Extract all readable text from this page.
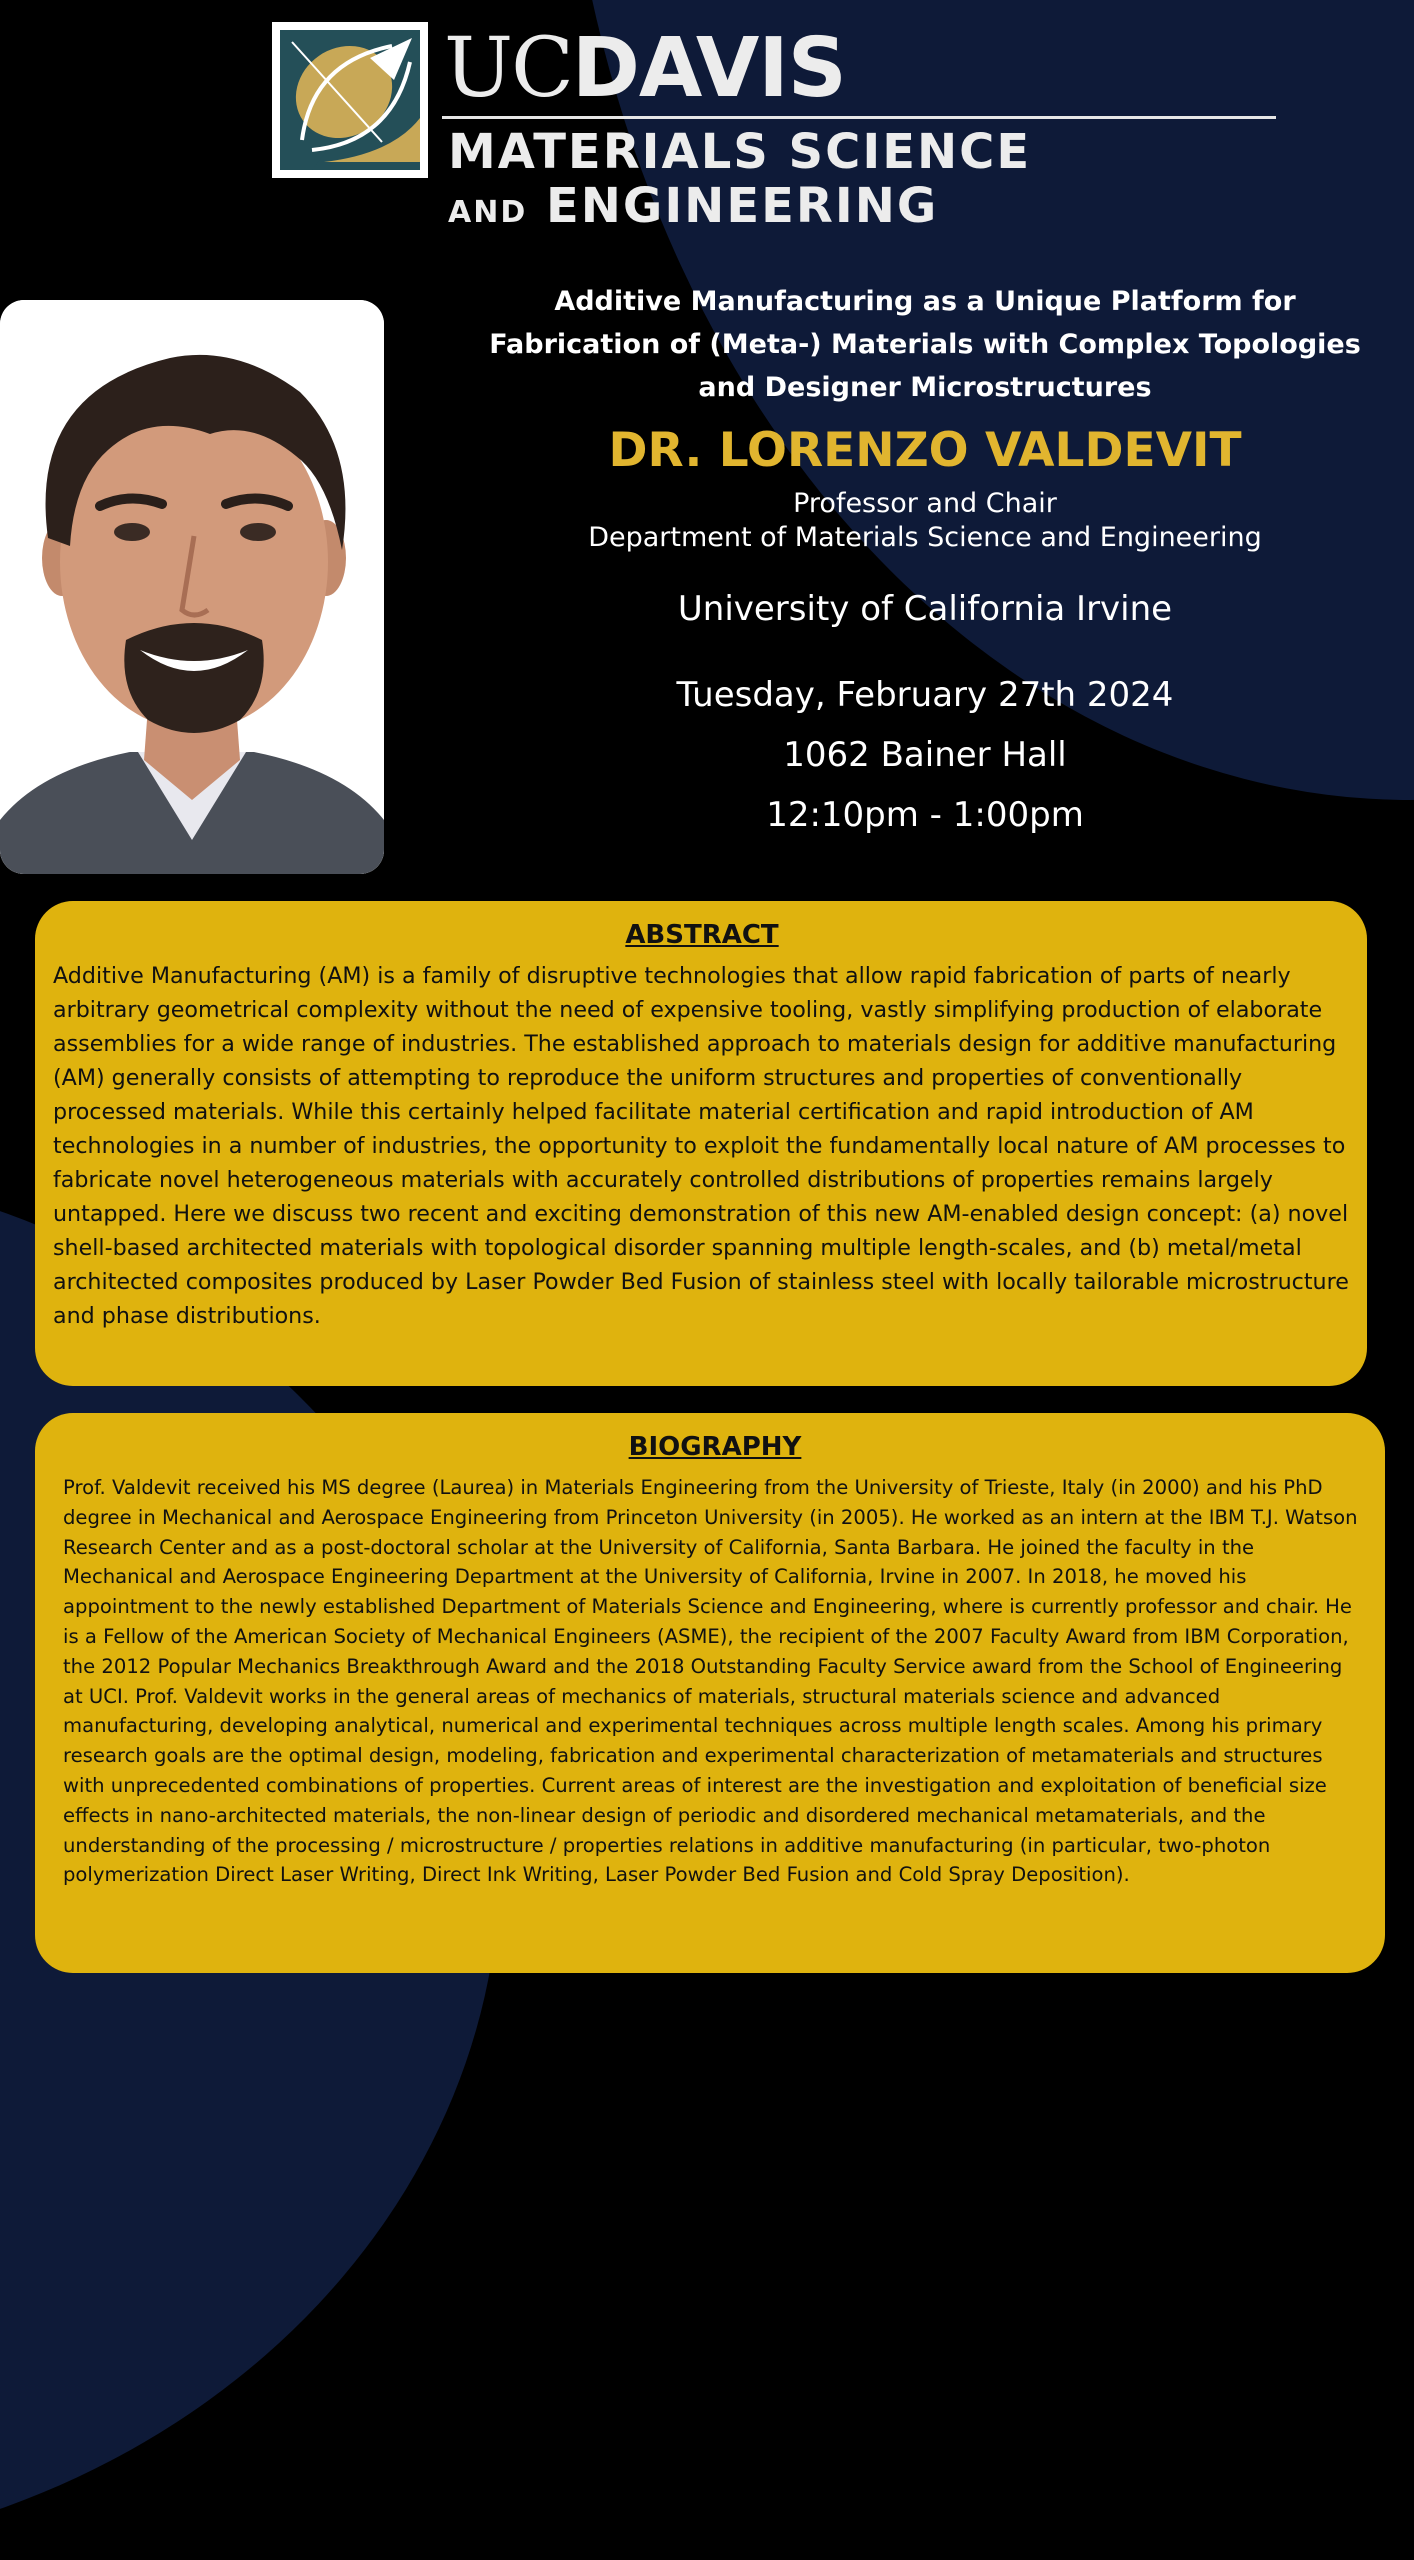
UCDAVIS
MATERIALS SCIENCE
AND ENGINEERING

Additive Manufacturing as a Unique Platform for
Fabrication of (Meta-) Materials with Complex Topologies
and Designer Microstructures

DR. LORENZO VALDEVIT

Professor and Chair

Department of Materials Science and Engineering

University of California Irvine

Tuesday, February 27th 2024

1062 Bainer Hall

12:10pm - 1:00pm

ABSTRACT

Additive Manufacturing (AM) is a family of disruptive technologies that allow rapid fabrication of parts of nearly arbitrary geometrical complexity without the need of expensive tooling, vastly simplifying production of elaborate assemblies for a wide range of industries. The established approach to materials design for additive manufacturing (AM) generally consists of attempting to reproduce the uniform structures and properties of conventionally processed materials. While this certainly helped facilitate material certification and rapid introduction of AM technologies in a number of industries, the opportunity to exploit the fundamentally local nature of AM processes to fabricate novel heterogeneous materials with accurately controlled distributions of properties remains largely untapped. Here we discuss two recent and exciting demonstration of this new AM-enabled design concept: (a) novel shell-based architected materials with topological disorder spanning multiple length-scales, and (b) metal/metal architected composites produced by Laser Powder Bed Fusion of stainless steel with locally tailorable microstructure and phase distributions.

BIOGRAPHY

Prof. Valdevit received his MS degree (Laurea) in Materials Engineering from the University of Trieste, Italy (in 2000) and his PhD degree in Mechanical and Aerospace Engineering from Princeton University (in 2005). He worked as an intern at the IBM T.J. Watson Research Center and as a post-doctoral scholar at the University of California, Santa Barbara. He joined the faculty in the Mechanical and Aerospace Engineering Department at the University of California, Irvine in 2007. In 2018, he moved his appointment to the newly established Department of Materials Science and Engineering, where is currently professor and chair. He is a Fellow of the American Society of Mechanical Engineers (ASME), the recipient of the 2007 Faculty Award from IBM Corporation, the 2012 Popular Mechanics Breakthrough Award and the 2018 Outstanding Faculty Service award from the School of Engineering at UCI. Prof. Valdevit works in the general areas of mechanics of materials, structural materials science and advanced manufacturing, developing analytical, numerical and experimental techniques across multiple length scales. Among his primary research goals are the optimal design, modeling, fabrication and experimental characterization of metamaterials and structures with unprecedented combinations of properties. Current areas of interest are the investigation and exploitation of beneficial size effects in nano-architected materials, the non-linear design of periodic and disordered mechanical metamaterials, and the understanding of the processing / microstructure / properties relations in additive manufacturing (in particular, two-photon polymerization Direct Laser Writing, Direct Ink Writing, Laser Powder Bed Fusion and Cold Spray Deposition).
